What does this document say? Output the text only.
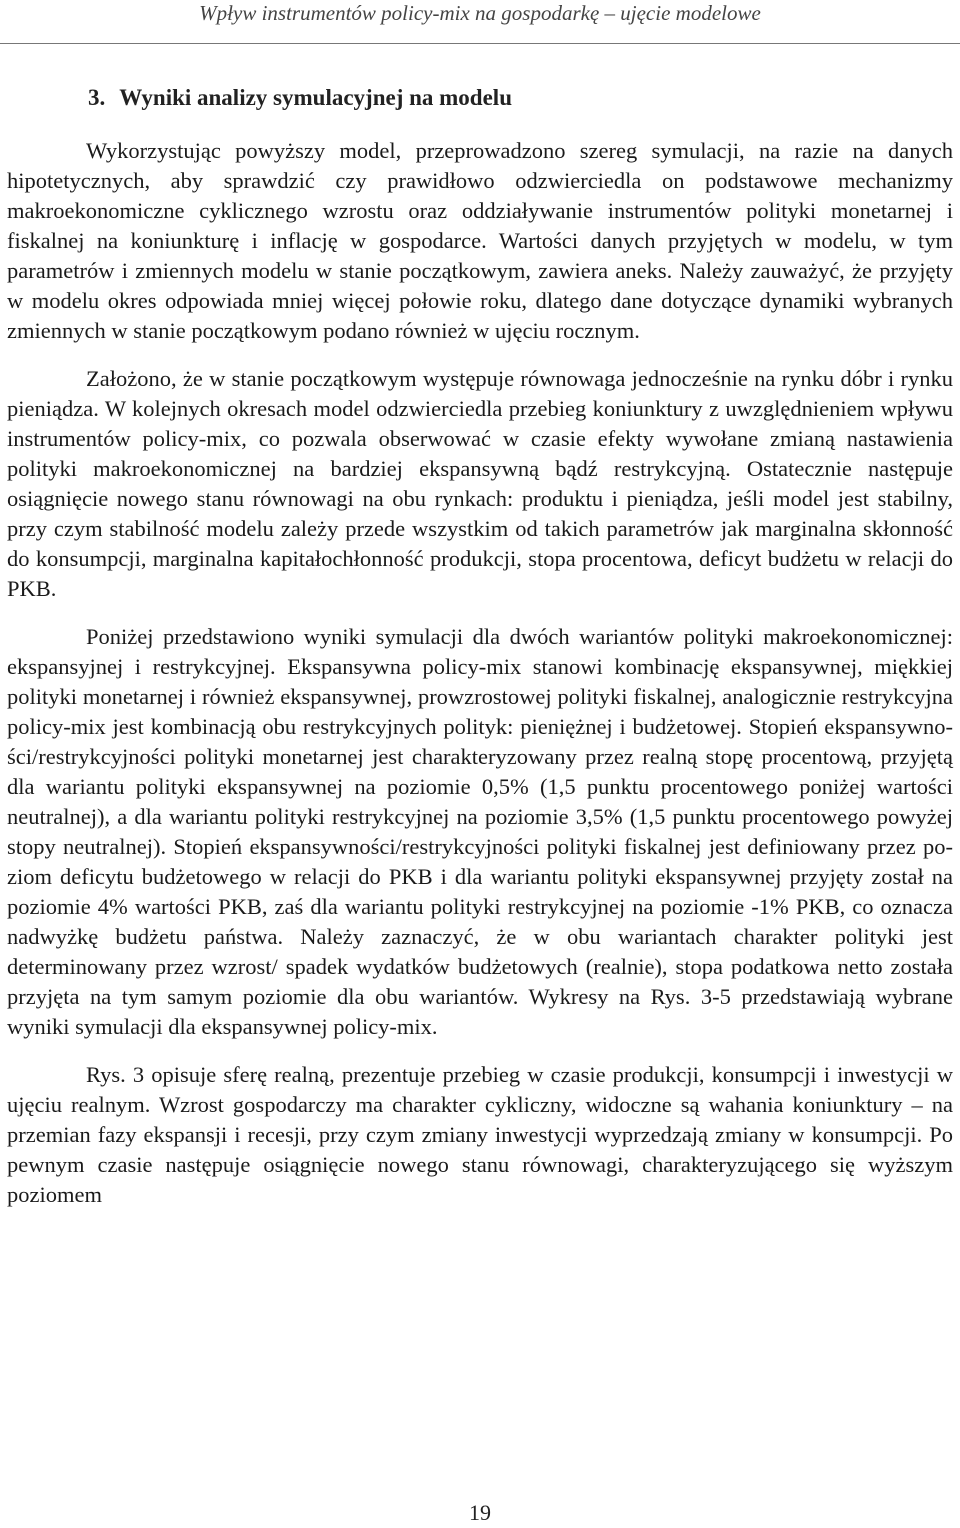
Wpływ instrumentów policy-mix na gospodarkę – ujęcie modelowe
3. Wyniki analizy symulacyjnej na modelu

Wykorzystując powyższy model, przeprowadzono szereg symulacji, na razie na danych hipotetycznych, aby sprawdzić czy prawidłowo odzwierciedla on podstawowe mechanizmy makroekonomiczne cyklicznego wzrostu oraz oddziaływanie instrumentów polityki monetarnej i fiskalnej na koniunkturę i inflację w gospodarce. Wartości danych przyjętych w modelu, w tym parametrów i zmiennych modelu w stanie początkowym, zawiera aneks. Należy zauważyć, że przyjęty w modelu okres odpowiada mniej więcej połowie roku, dlatego dane dotyczące dynamiki wybranych zmiennych w stanie początkowym podano również w ujęciu rocznym.

Założono, że w stanie początkowym występuje równowaga jednocześnie na rynku dóbr i rynku pieniądza. W kolejnych okresach model odzwierciedla przebieg koniunktury z uwzględnieniem wpływu instrumentów policy-mix, co pozwala obserwować w czasie efekty wywołane zmianą nastawienia polityki makroekonomicznej na bardziej ekspansywną bądź restrykcyjną. Ostatecznie następuje osiągnięcie nowego stanu równowagi na obu rynkach: produktu i pieniądza, jeśli model jest stabilny, przy czym stabilność modelu zależy przede wszystkim od takich parametrów jak marginalna skłonność do konsumpcji, marginalna kapitałochłonność produkcji, stopa procentowa, deficyt budżetu w relacji do PKB.

Poniżej przedstawiono wyniki symulacji dla dwóch wariantów polityki makroekonomicznej: ekspansyjnej i restrykcyjnej. Ekspansywna policy-mix stanowi kombinację ekspansywnej, miękkiej polityki monetarnej i również ekspansywnej, prowzrostowej polityki fiskalnej, analogicznie restrykcyjna policy-mix jest kombinacją obu restrykcyjnych polityk: pieniężnej i budżetowej. Stopień ekspansywności/restrykcyjności polityki monetarnej jest charakteryzowany przez realną stopę procentową, przyjętą dla wariantu polityki ekspansywnej na poziomie 0,5% (1,5 punktu procentowego poniżej wartości neutralnej), a dla wariantu polityki restrykcyjnej na poziomie 3,5% (1,5 punktu procentowego powyżej stopy neutralnej). Stopień ekspansywności/restrykcyjności polityki fiskalnej jest definiowany przez poziom deficytu budżetowego w relacji do PKB i dla wariantu polityki ekspansywnej przyjęty został na poziomie 4% wartości PKB, zaś dla wariantu polityki restrykcyjnej na poziomie -1% PKB, co oznacza nadwyżkę budżetu państwa. Należy zaznaczyć, że w obu wariantach charakter polityki jest determinowany przez wzrost/ spadek wydatków budżetowych (realnie), stopa podatkowa netto została przyjęta na tym samym poziomie dla obu wariantów. Wykresy na Rys. 3-5 przedstawiają wybrane wyniki symulacji dla ekspansywnej policy-mix.

Rys. 3 opisuje sferę realną, prezentuje przebieg w czasie produkcji, konsumpcji i inwestycji w ujęciu realnym. Wzrost gospodarczy ma charakter cykliczny, widoczne są wahania koniunktury – na przemian fazy ekspansji i recesji, przy czym zmiany inwestycji wyprzedzają zmiany w konsumpcji. Po pewnym czasie następuje osiągnięcie nowego stanu równowagi, charakteryzującego się wyższym poziomem

19
